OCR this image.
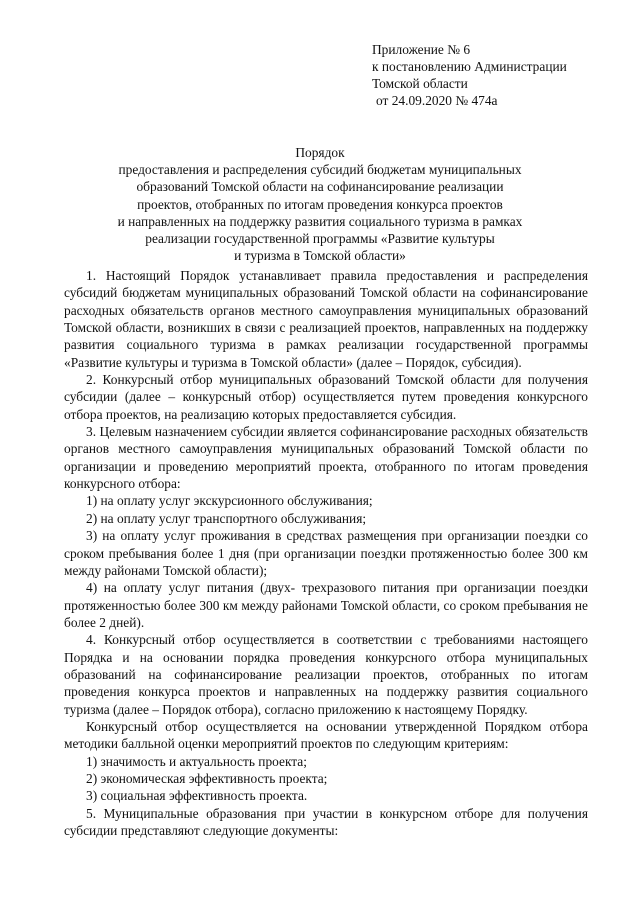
Приложение № 6
к постановлению Администрации
Томской области
от 24.09.2020 № 474а
Порядок
предоставления и распределения субсидий бюджетам муниципальных
образований Томской области на софинансирование реализации
проектов, отобранных по итогам проведения конкурса проектов
и направленных на поддержку развития социального туризма в рамках
реализации государственной программы «Развитие культуры
и туризма в Томской области»

1. Настоящий Порядок устанавливает правила предоставления и распределения субсидий бюджетам муниципальных образований Томской области на софинансирование расходных обязательств органов местного самоуправления муниципальных образований Томской области, возникших в связи с реализацией проектов, направленных на поддержку развития социального туризма в рамках реализации государственной программы «Развитие культуры и туризма в Томской области» (далее – Порядок, субсидия).

2. Конкурсный отбор муниципальных образований Томской области для получения субсидии (далее – конкурсный отбор) осуществляется путем проведения конкурсного отбора проектов, на реализацию которых предоставляется субсидия.

3. Целевым назначением субсидии является софинансирование расходных обязательств органов местного самоуправления муниципальных образований Томской области по организации и проведению мероприятий проекта, отобранного по итогам проведения конкурсного отбора:

1) на оплату услуг экскурсионного обслуживания;

2) на оплату услуг транспортного обслуживания;

3) на оплату услуг проживания в средствах размещения при организации поездки со сроком пребывания более 1 дня (при организации поездки протяженностью более 300 км между районами Томской области);

4) на оплату услуг питания (двух- трехразового питания при организации поездки протяженностью более 300 км между районами Томской области, со сроком пребывания не более 2 дней).

4. Конкурсный отбор осуществляется в соответствии с требованиями настоящего Порядка и на основании порядка проведения конкурсного отбора муниципальных образований на софинансирование реализации проектов, отобранных по итогам проведения конкурса проектов и направленных на поддержку развития социального туризма (далее – Порядок отбора), согласно приложению к настоящему Порядку.

Конкурсный отбор осуществляется на основании утвержденной Порядком отбора методики балльной оценки мероприятий проектов по следующим критериям:

1) значимость и актуальность проекта;

2) экономическая эффективность проекта;

3) социальная эффективность проекта.

5. Муниципальные образования при участии в конкурсном отборе для получения субсидии представляют следующие документы:
